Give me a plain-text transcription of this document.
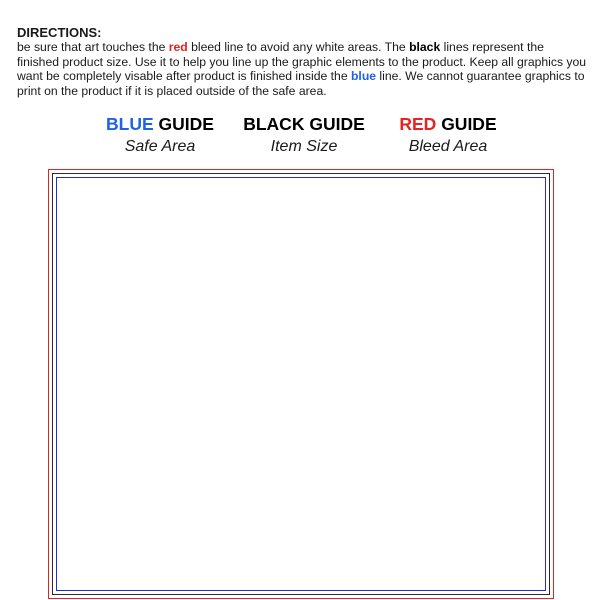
DIRECTIONS:

be sure that art touches the red bleed line to avoid any white areas. The black lines represent the finished product size. Use it to help you line up the graphic elements to the product. Keep all graphics you want be completely visable after product is finished inside the blue line. We cannot guarantee graphics to print on the product if it is placed outside of the safe area.

BLUE GUIDE

Safe Area

BLACK GUIDE

Item Size

RED GUIDE

Bleed Area
